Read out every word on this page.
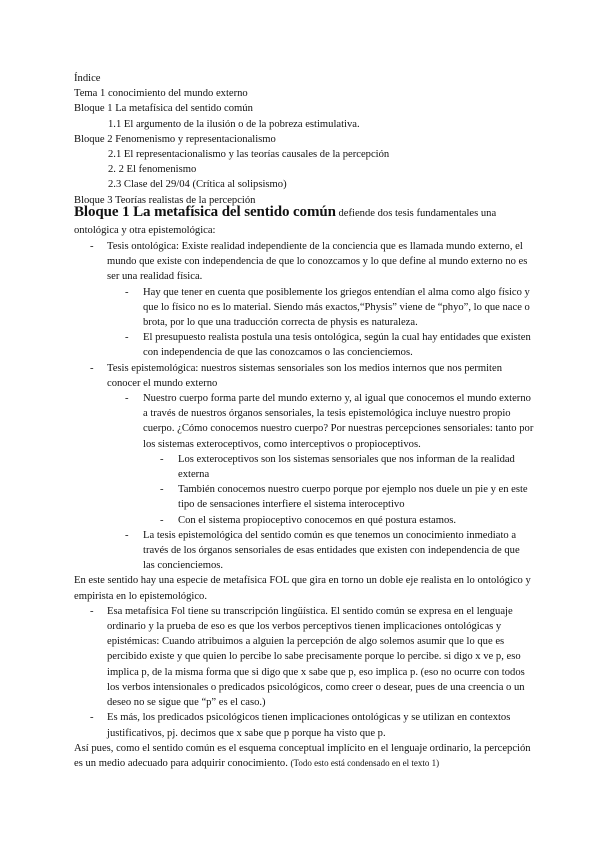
Índice
Tema 1 conocimiento del mundo externo
Bloque 1 La metafísica del sentido común
1.1 El argumento de la ilusión o de la pobreza estimulativa.
Bloque 2 Fenomenismo y representacionalismo
2.1 El representacionalismo y las teorías causales de la percepción
2. 2 El fenomenismo
2.3 Clase del 29/04 (Crítica al solipsismo)
Bloque 3 Teorías realistas de la percepción

Bloque 1 La metafísica del sentido común defiende dos tesis fundamentales una ontológica y otra epistemológica:

- Tesis ontológica: Existe realidad independiente de la conciencia que es llamada mundo externo, el mundo que existe con independencia de que lo conozcamos y lo que define al mundo externo no es ser una realidad física.
- Hay que tener en cuenta que posiblemente los griegos entendían el alma como algo físico y que lo físico no es lo material. Siendo más exactos,“Physis” viene de “phyo”, lo que nace o brota, por lo que una traducción correcta de physis es naturaleza.
- El presupuesto realista postula una tesis ontológica, según la cual hay entidades que existen con independencia de que las conozcamos o las concienciemos.
- Tesis epistemológica: nuestros sistemas sensoriales son los medios internos que nos permiten conocer el mundo externo
- Nuestro cuerpo forma parte del mundo externo y, al igual que conocemos el mundo externo a través de nuestros órganos sensoriales, la tesis epistemológica incluye nuestro propio cuerpo. ¿Cómo conocemos nuestro cuerpo? Por nuestras percepciones sensoriales: tanto por los sistemas exteroceptivos, como interceptivos o propioceptivos.
- Los exteroceptivos son los sistemas sensoriales que nos informan de la realidad externa
- También conocemos nuestro cuerpo porque por ejemplo nos duele un pie y en este tipo de sensaciones interfiere el sistema interoceptivo
- Con el sistema propioceptivo conocemos en qué postura estamos.
- La tesis epistemológica del sentido común es que tenemos un conocimiento inmediato a través de los órganos sensoriales de esas entidades que existen con independencia de que las concienciemos.

En este sentido hay una especie de metafísica FOL que gira en torno un doble eje realista en lo ontológico y empirista en lo epistemológico.

- Esa metafísica Fol tiene su transcripción lingüística. El sentido común se expresa en el lenguaje ordinario y la prueba de eso es que los verbos perceptivos tienen implicaciones ontológicas y epistémicas: Cuando atribuimos a alguien la percepción de algo solemos asumir que lo que es percibido existe y que quien lo percibe lo sabe precisamente porque lo percibe. si digo x ve p, eso implica p, de la misma forma que si digo que x sabe que p, eso implica p. (eso no ocurre con todos los verbos intensionales o predicados psicológicos, como creer o desear, pues de una creencia o un deseo no se sigue que “p” es el caso.)
- Es más, los predicados psicológicos tienen implicaciones ontológicas y se utilizan en contextos justificativos, pj. decimos que x sabe que p porque ha visto que p.

Así pues, como el sentido común es el esquema conceptual implícito en el lenguaje ordinario, la percepción es un medio adecuado para adquirir conocimiento. (Todo esto está condensado en el texto 1)
